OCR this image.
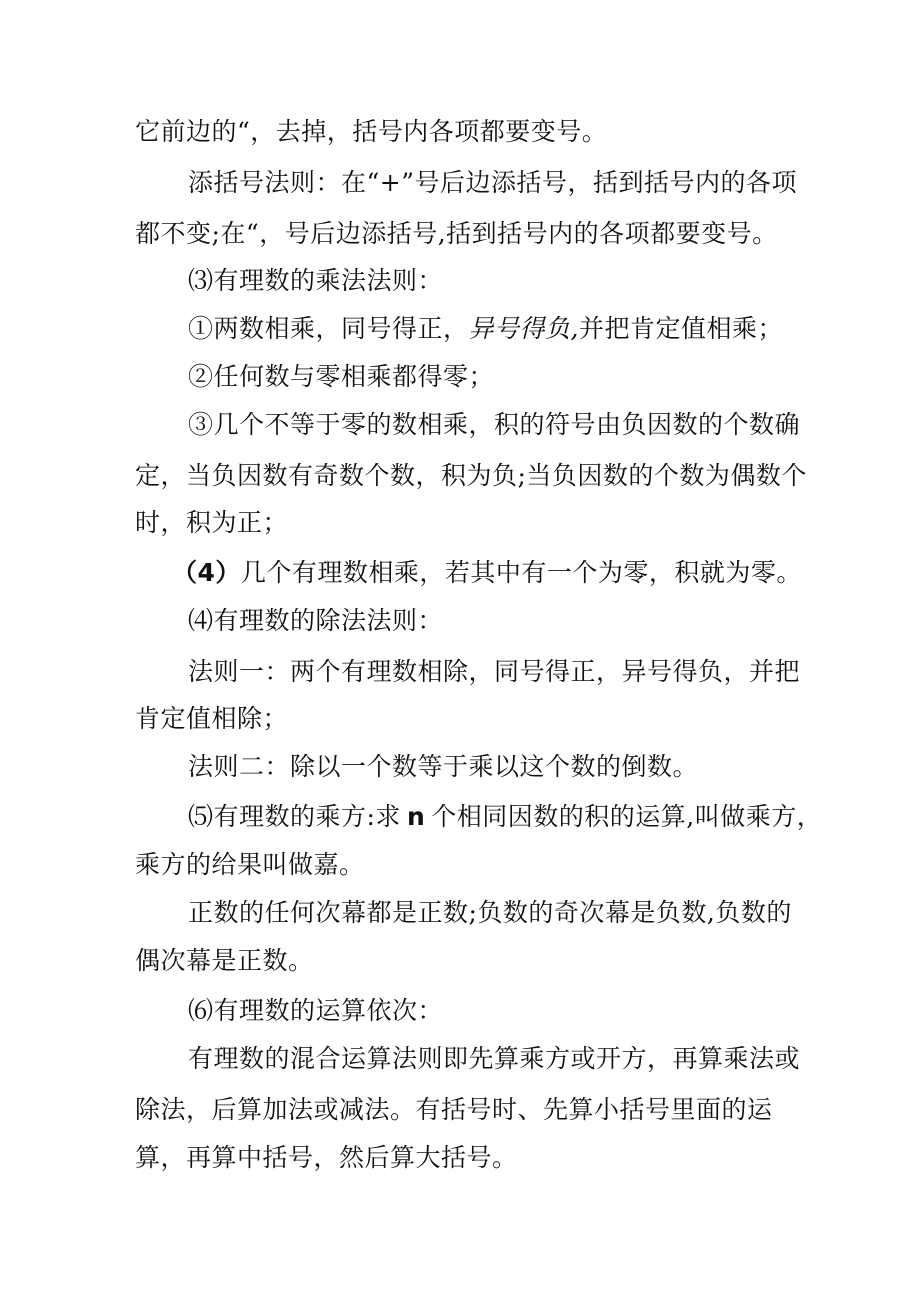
它前边的“，去掉，括号内各项都要变号。
添括号法则：在“+”号后边添括号，括到括号内的各项
都不变;在“，号后边添括号,括到括号内的各项都要变号。
⑶有理数的乘法法则：
①两数相乘，同号得正，异号得负,并把肯定值相乘；
②任何数与零相乘都得零；
③几个不等于零的数相乘，积的符号由负因数的个数确
定，当负因数有奇数个数，积为负;当负因数的个数为偶数个
时，积为正；
（4）几个有理数相乘，若其中有一个为零，积就为零。
⑷有理数的除法法则：
法则一：两个有理数相除，同号得正，异号得负，并把
肯定值相除；
法则二：除以一个数等于乘以这个数的倒数。
⑸有理数的乘方:求 n 个相同因数的积的运算,叫做乘方，
乘方的给果叫做嘉。
正数的任何次幕都是正数;负数的奇次幕是负数,负数的
偶次幕是正数。
⑹有理数的运算依次：
有理数的混合运算法则即先算乘方或开方，再算乘法或
除法，后算加法或减法。有括号时、先算小括号里面的运
算，再算中括号，然后算大括号。
